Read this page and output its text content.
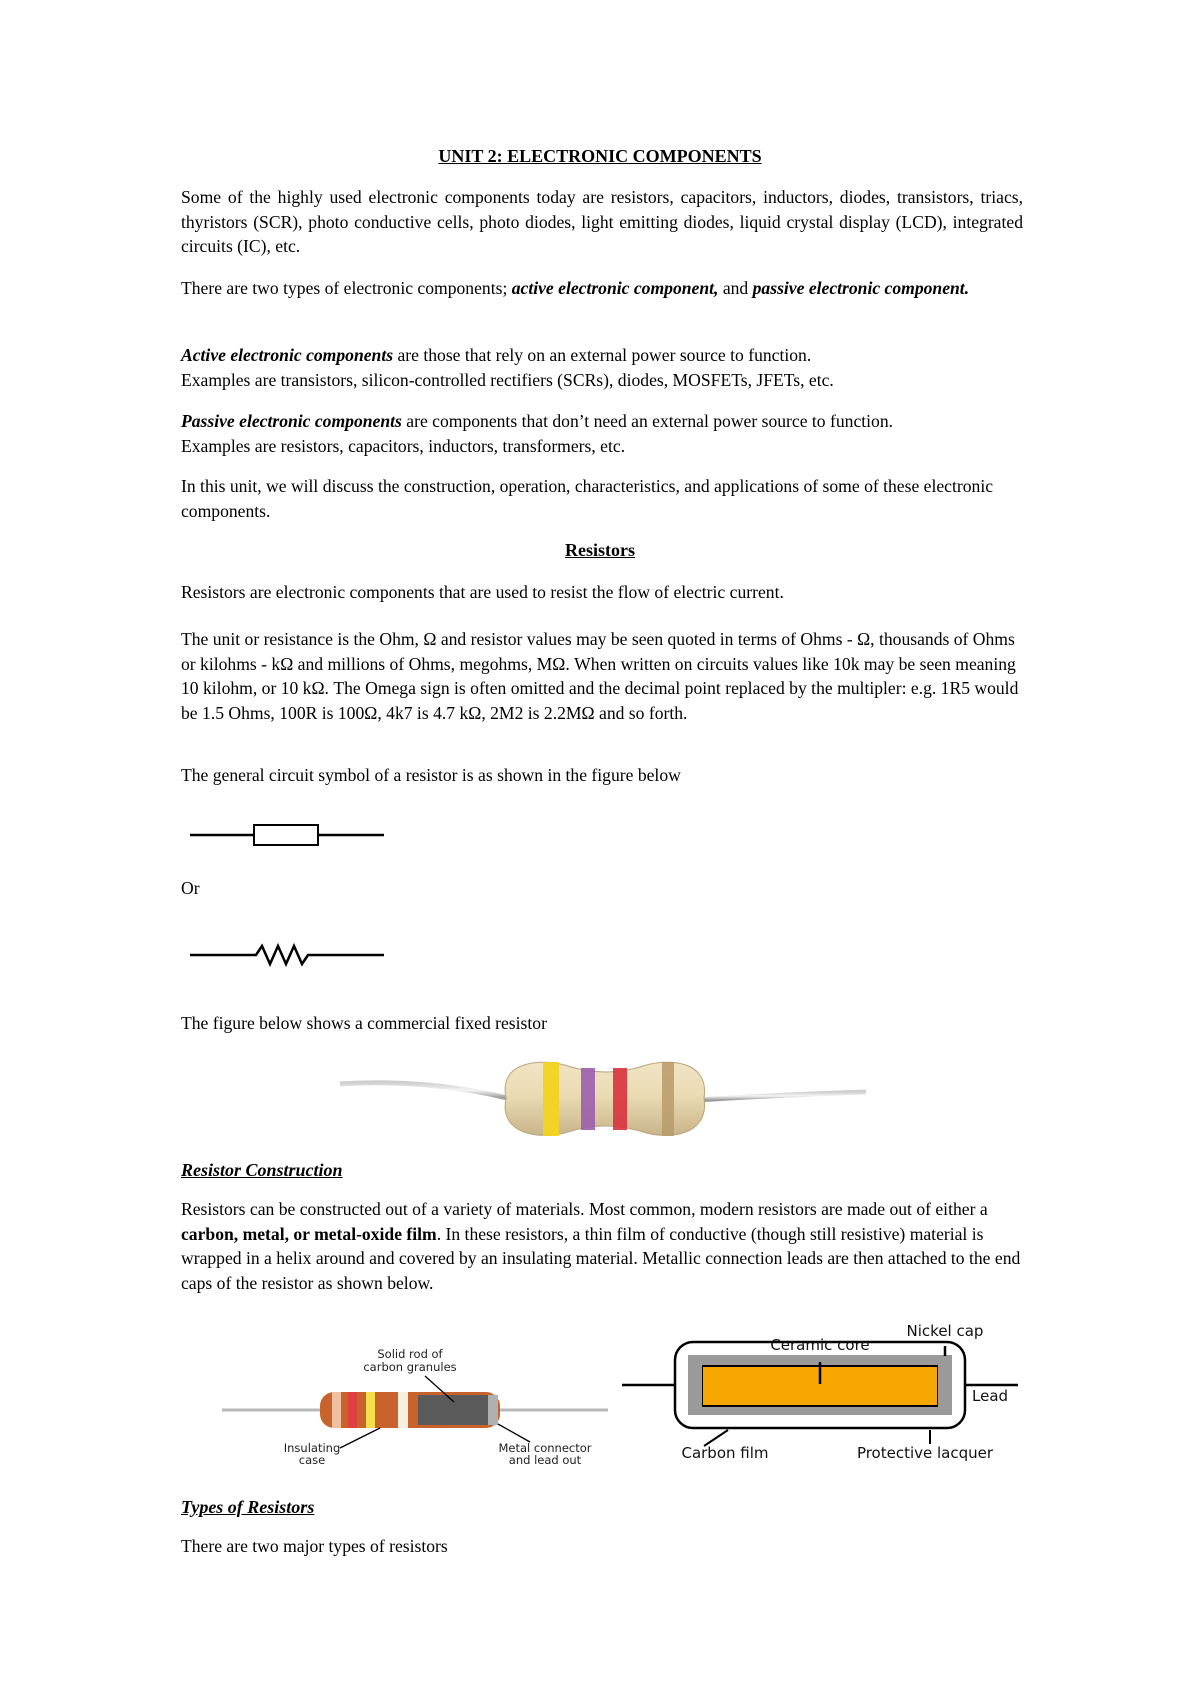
UNIT 2: ELECTRONIC COMPONENTS

Some of the highly used electronic components today are resistors, capacitors, inductors, diodes, transistors, triacs, thyristors (SCR), photo conductive cells, photo diodes, light emitting diodes, liquid crystal display (LCD), integrated circuits (IC), etc.

There are two types of electronic components; active electronic component, and passive electronic component.

Active electronic components are those that rely on an external power source to function.
Examples are transistors, silicon-controlled rectifiers (SCRs), diodes, MOSFETs, JFETs, etc.

Passive electronic components are components that don’t need an external power source to function.
Examples are resistors, capacitors, inductors, transformers, etc.

In this unit, we will discuss the construction, operation, characteristics, and applications of some of these electronic components.

Resistors

Resistors are electronic components that are used to resist the flow of electric current.

The unit or resistance is the Ohm, Ω and resistor values may be seen quoted in terms of Ohms - Ω, thousands of Ohms or kilohms - kΩ and millions of Ohms, megohms, MΩ. When written on circuits values like 10k may be seen meaning 10 kilohm, or 10 kΩ. The Omega sign is often omitted and the decimal point replaced by the multipler: e.g. 1R5 would be 1.5 Ohms, 100R is 100Ω, 4k7 is 4.7 kΩ, 2M2 is 2.2MΩ and so forth.

The general circuit symbol of a resistor is as shown in the figure below

Or

The figure below shows a commercial fixed resistor

Resistor Construction

Resistors can be constructed out of a variety of materials. Most common, modern resistors are made out of either a carbon, metal, or metal-oxide film. In these resistors, a thin film of conductive (though still resistive) material is wrapped in a helix around and covered by an insulating material. Metallic connection leads are then attached to the end caps of the resistor as shown below.

Solid rod of
carbon granules
Insulating
case
Metal connector
and lead out
Ceramic core
Nickel cap
Lead
Carbon film	Protective lacquer
Types of Resistors

There are two major types of resistors
